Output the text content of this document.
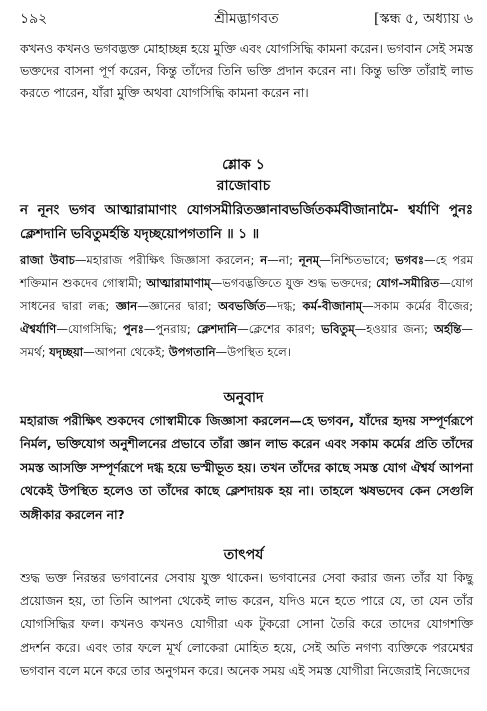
১৯২	শ্রীমদ্ভাগবত	[স্কন্ধ ৫, অধ্যায় ৬

কখনও কখনও ভগবদ্ভক্ত মোহাচ্ছন্ন হয়ে মুক্তি এবং যোগসিদ্ধি কামনা করেন। ভগবান সেই সমস্ত ভক্তদের বাসনা পূর্ণ করেন, কিন্তু তাঁদের তিনি ভক্তি প্রদান করেন না। কিন্তু ভক্তি তাঁরাই লাভ করতে পারেন, যাঁরা মুক্তি অথবা যোগসিদ্ধি কামনা করেন না।

শ্লোক ১

রাজোবাচ

ন নূনং ভগব আত্মারামাণাং যোগসমীরিতজ্ঞানাবভর্জিতকর্মবীজানামৈ- শ্বর্যাণি পুনঃ ক্লেশদানি ভবিতুমর্হন্তি যদৃচ্ছয়োপগতানি ॥ ১ ॥

রাজা উবাচ—মহারাজ পরীক্ষিৎ জিজ্ঞাসা করলেন; ন—না; নূনম্—নিশ্চিতভাবে; ভগবঃ—হে পরম শক্তিমান শুকদেব গোস্বামী; আত্মারামাণাম্—ভগবদ্ভক্তিতে যুক্ত শুদ্ধ ভক্তদের; যোগ-সমীরিত—যোগ সাধনের দ্বারা লব্ধ; জ্ঞান—জ্ঞানের দ্বারা; অবভর্জিত—দগ্ধ; কর্ম-বীজানাম্—সকাম কর্মের বীজের; ঐশ্বর্যাণি—যোগসিদ্ধি; পুনঃ—পুনরায়; ক্লেশদানি—ক্লেশের কারণ; ভবিতুম্—হওয়ার জন্য; অর্হন্তি—সমর্থ; যদৃচ্ছয়া—আপনা থেকেই; উপগতানি—উপস্থিত হলে।

অনুবাদ

মহারাজ পরীক্ষিৎ শুকদেব গোস্বামীকে জিজ্ঞাসা করলেন—হে ভগবন, যাঁদের হৃদয় সম্পূর্ণরূপে নির্মল, ভক্তিযোগ অনুশীলনের প্রভাবে তাঁরা জ্ঞান লাভ করেন এবং সকাম কর্মের প্রতি তাঁদের সমস্ত আসক্তি সম্পূর্ণরূপে দগ্ধ হয়ে ভস্মীভূত হয়। তখন তাঁদের কাছে সমস্ত যোগ ঐশ্বর্য আপনা থেকেই উপস্থিত হলেও তা তাঁদের কাছে ক্লেশদায়ক হয় না। তাহলে ঋষভদেব কেন সেগুলি অঙ্গীকার করলেন না?

তাৎপর্য

শুদ্ধ ভক্ত নিরন্তর ভগবানের সেবায় যুক্ত থাকেন। ভগবানের সেবা করার জন্য তাঁর যা কিছু প্রয়োজন হয়, তা তিনি আপনা থেকেই লাভ করেন, যদিও মনে হতে পারে যে, তা যেন তাঁর যোগসিদ্ধির ফল। কখনও কখনও যোগীরা এক টুকরো সোনা তৈরি করে তাদের যোগশক্তি প্রদর্শন করে। এবং তার ফলে মূর্খ লোকেরা মোহিত হয়ে, সেই অতি নগণ্য ব্যক্তিকে পরমেশ্বর ভগবান বলে মনে করে তার অনুগমন করে। অনেক সময় এই সমস্ত যোগীরা নিজেরাই নিজেদের
